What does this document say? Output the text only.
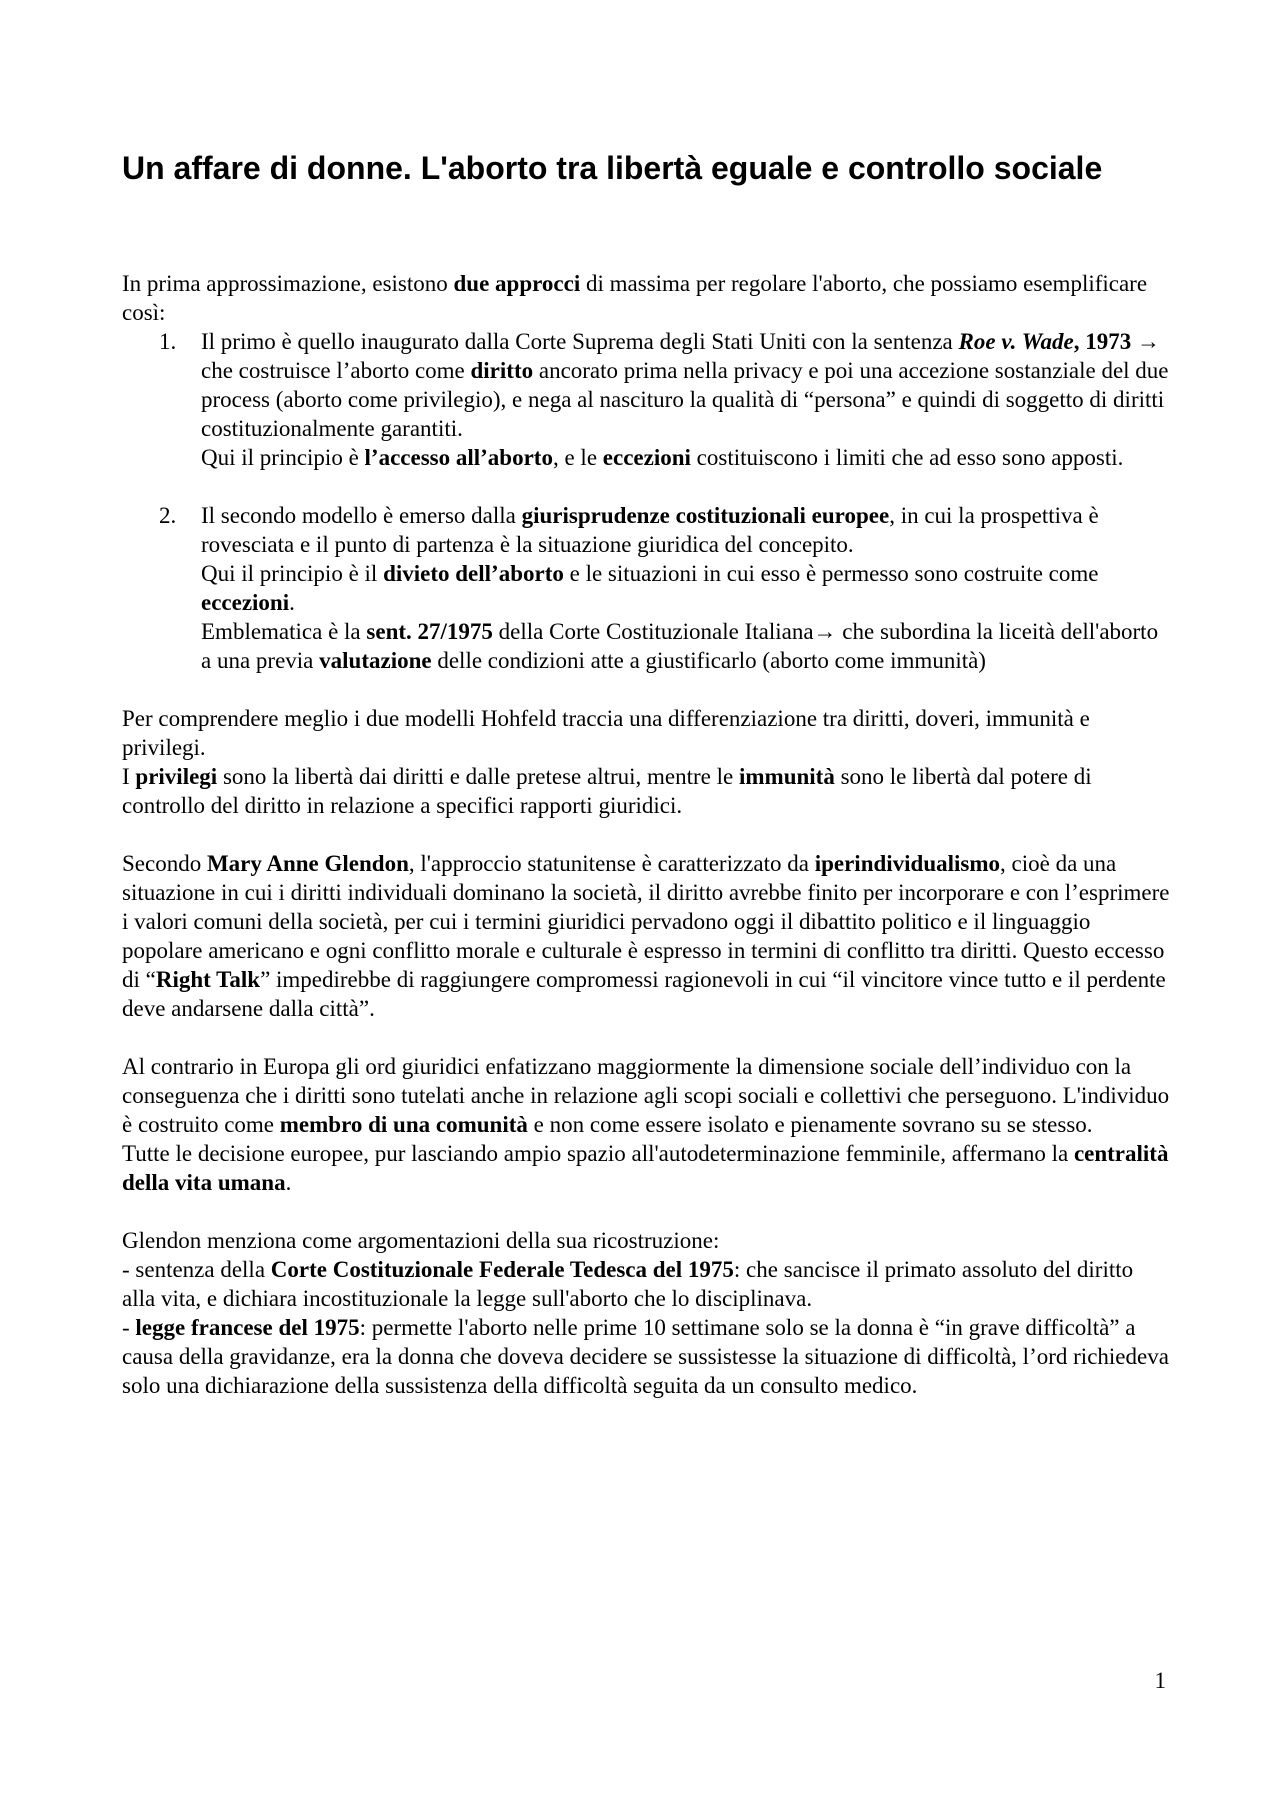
Un affare di donne. L'aborto tra libertà eguale e controllo sociale

In prima approssimazione, esistono due approcci di massima per regolare l'aborto, che possiamo esemplificare così:

1. Il primo è quello inaugurato dalla Corte Suprema degli Stati Uniti con la sentenza Roe v. Wade, 1973 → che costruisce l’aborto come diritto ancorato prima nella privacy e poi una accezione sostanziale del due process (aborto come privilegio), e nega al nascituro la qualità di “persona” e quindi di soggetto di diritti costituzionalmente garantiti.

Qui il principio è l’accesso all’aborto, e le eccezioni costituiscono i limiti che ad esso sono apposti.

2. Il secondo modello è emerso dalla giurisprudenze costituzionali europee, in cui la prospettiva è rovesciata e il punto di partenza è la situazione giuridica del concepito.

Qui il principio è il divieto dell’aborto e le situazioni in cui esso è permesso sono costruite come eccezioni.

Emblematica è la sent. 27/1975 della Corte Costituzionale Italiana→ che subordina la liceità dell'aborto a una previa valutazione delle condizioni atte a giustificarlo (aborto come immunità)

Per comprendere meglio i due modelli Hohfeld traccia una differenziazione tra diritti, doveri, immunità e privilegi.

I privilegi sono la libertà dai diritti e dalle pretese altrui, mentre le immunità sono le libertà dal potere di controllo del diritto in relazione a specifici rapporti giuridici.

Secondo Mary Anne Glendon, l'approccio statunitense è caratterizzato da iperindividualismo, cioè da una situazione in cui i diritti individuali dominano la società, il diritto avrebbe finito per incorporare e con l’esprimere i valori comuni della società, per cui i termini giuridici pervadono oggi il dibattito politico e il linguaggio popolare americano e ogni conflitto morale e culturale è espresso in termini di conflitto tra diritti. Questo eccesso di “Right Talk” impedirebbe di raggiungere compromessi ragionevoli in cui “il vincitore vince tutto e il perdente deve andarsene dalla città”.

Al contrario in Europa gli ord giuridici enfatizzano maggiormente la dimensione sociale dell’individuo con la conseguenza che i diritti sono tutelati anche in relazione agli scopi sociali e collettivi che perseguono. L'individuo è costruito come membro di una comunità e non come essere isolato e pienamente sovrano su se stesso.

Tutte le decisione europee, pur lasciando ampio spazio all'autodeterminazione femminile, affermano la centralità della vita umana.

Glendon menziona come argomentazioni della sua ricostruzione:

- sentenza della Corte Costituzionale Federale Tedesca del 1975: che sancisce il primato assoluto del diritto alla vita, e dichiara incostituzionale la legge sull'aborto che lo disciplinava.

- legge francese del 1975: permette l'aborto nelle prime 10 settimane solo se la donna è “in grave difficoltà” a causa della gravidanze, era la donna che doveva decidere se sussistesse la situazione di difficoltà, l’ord richiedeva solo una dichiarazione della sussistenza della difficoltà seguita da un consulto medico.

1
